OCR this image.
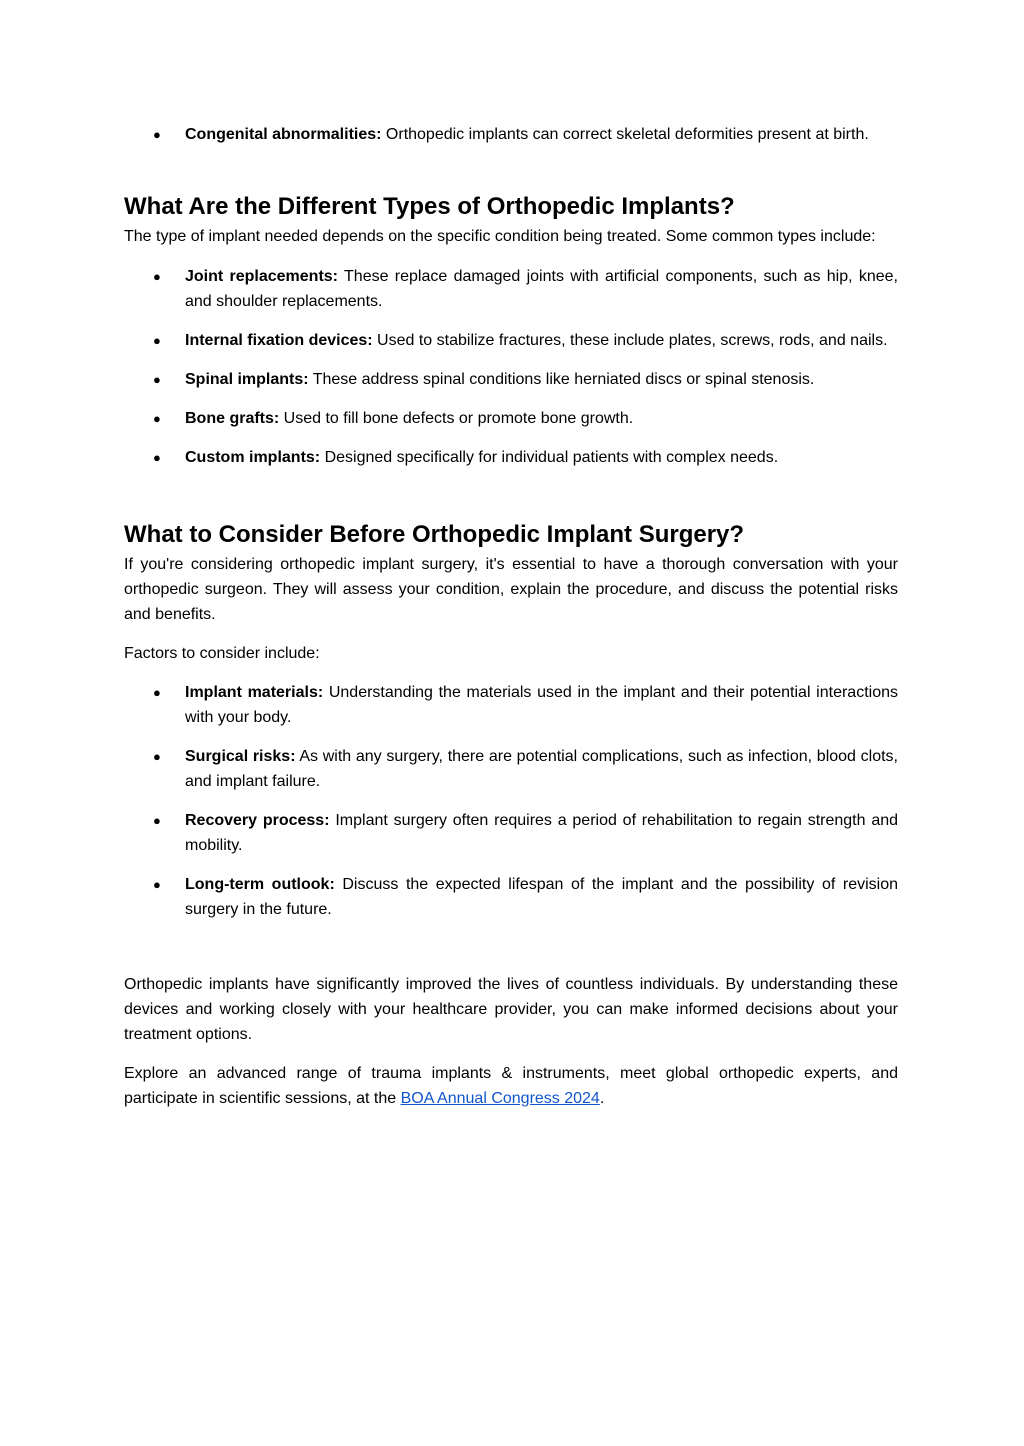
● Congenital abnormalities: Orthopedic implants can correct skeletal deformities present at birth.
What Are the Different Types of Orthopedic Implants?

The type of implant needed depends on the specific condition being treated. Some common types include:

● Joint replacements: These replace damaged joints with artificial components, such as hip, knee, and shoulder replacements.
● Internal fixation devices: Used to stabilize fractures, these include plates, screws, rods, and nails.
● Spinal implants: These address spinal conditions like herniated discs or spinal stenosis.
● Bone grafts: Used to fill bone defects or promote bone growth.
● Custom implants: Designed specifically for individual patients with complex needs.
What to Consider Before Orthopedic Implant Surgery?

If you're considering orthopedic implant surgery, it's essential to have a thorough conversation with your orthopedic surgeon. They will assess your condition, explain the procedure, and discuss the potential risks and benefits.

Factors to consider include:

● Implant materials: Understanding the materials used in the implant and their potential interactions with your body.
● Surgical risks: As with any surgery, there are potential complications, such as infection, blood clots, and implant failure.
● Recovery process: Implant surgery often requires a period of rehabilitation to regain strength and mobility.
● Long-term outlook: Discuss the expected lifespan of the implant and the possibility of revision surgery in the future.

Orthopedic implants have significantly improved the lives of countless individuals. By understanding these devices and working closely with your healthcare provider, you can make informed decisions about your treatment options.

Explore an advanced range of trauma implants & instruments, meet global orthopedic experts, and participate in scientific sessions, at the BOA Annual Congress 2024.
